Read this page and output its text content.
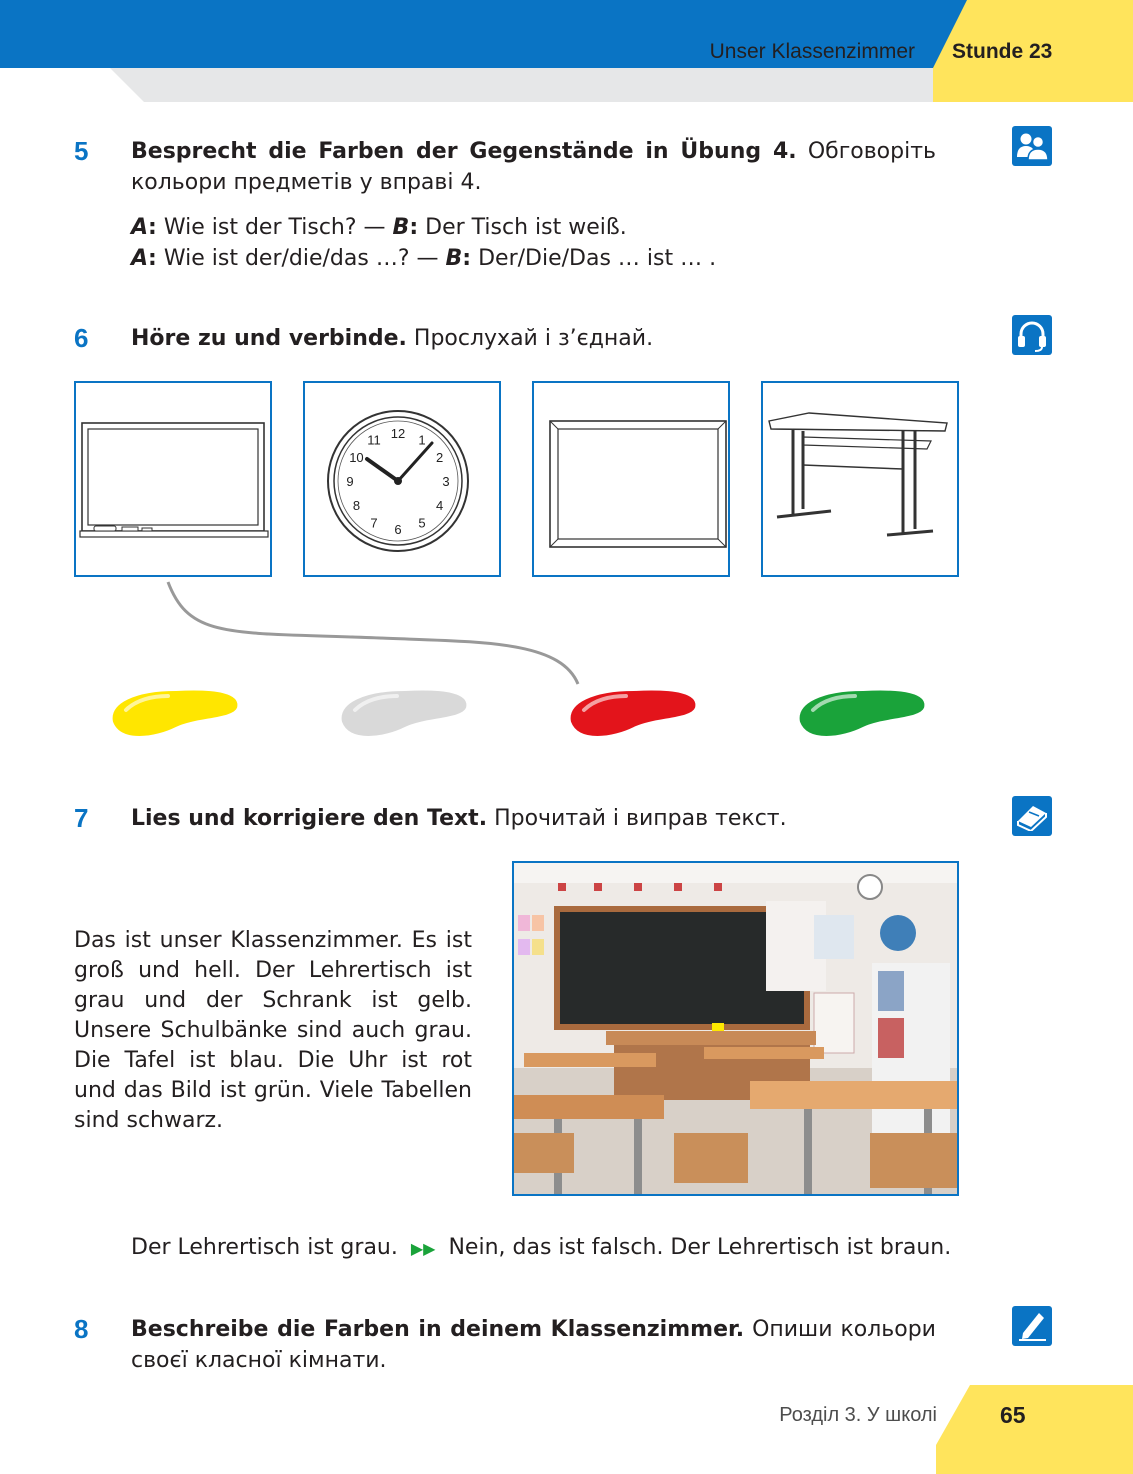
Unser Klassenzimmer Stunde 23
5 Besprecht die Farben der Gegenstände in Übung 4. Обговоріть кольори предметів у вправі 4.
A: Wie ist der Tisch? — B: Der Tisch ist weiß.
A: Wie ist der/die/das …? — B: Der/Die/Das … ist … .
6 Höre zu und verbinde. Прослухай і з’єднай.
12 1
2
3
4
5
6
7
8
9
10
11
7 Lies und korrigiere den Text. Прочитай і виправ текст.
Das ist unser Klassenzimmer. Es ist groß und hell. Der Lehrertisch ist grau und der Schrank ist gelb. Unsere Schulbänke sind auch grau. Die Tafel ist blau. Die Uhr ist rot und das Bild ist grün. Viele Tabellen sind schwarz.
Der Lehrertisch ist grau. ▶▶ Nein, das ist falsch. Der Lehrertisch ist braun.
8 Beschreibe die Farben in deinem Klassenzimmer. Опиши кольори своєї класної кімнати.
Розділ 3. У школі	65
